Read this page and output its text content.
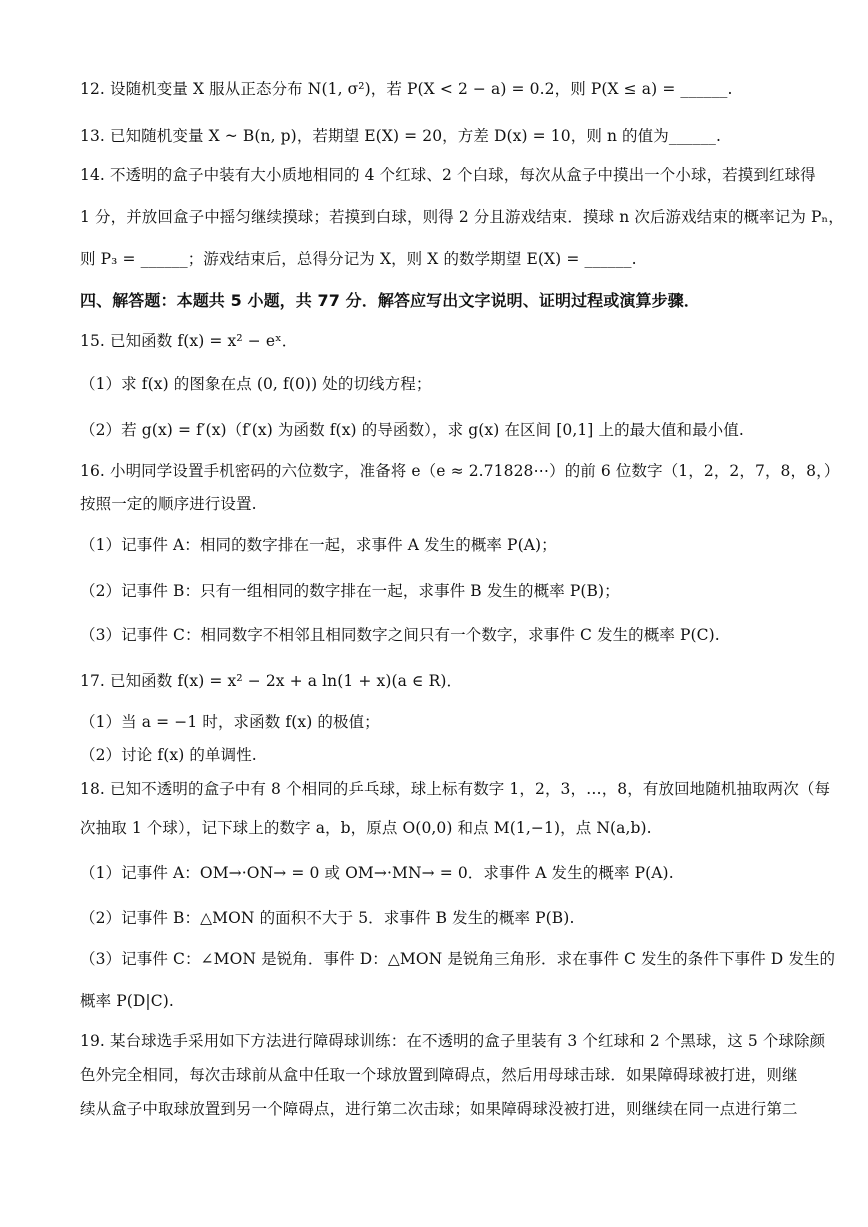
12. 设随机变量 X 服从正态分布 N(1, σ²)，若 P(X < 2 − a) = 0.2，则 P(X ≤ a) = ______.
13. 已知随机变量 X ~ B(n, p)，若期望 E(X) = 20，方差 D(x) = 10，则 n 的值为______.
14. 不透明的盒子中装有大小质地相同的 4 个红球、2 个白球，每次从盒子中摸出一个小球，若摸到红球得
1 分，并放回盒子中摇匀继续摸球；若摸到白球，则得 2 分且游戏结束．摸球 n 次后游戏结束的概率记为 Pₙ，
则 P₃ = ______；游戏结束后，总得分记为 X，则 X 的数学期望 E(X) = ______.
四、解答题：本题共 5 小题，共 77 分．解答应写出文字说明、证明过程或演算步骤．
15. 已知函数 f(x) = x² − eˣ．
（1）求 f(x) 的图象在点 (0, f(0)) 处的切线方程；
（2）若 g(x) = f′(x)（f′(x) 为函数 f(x) 的导函数），求 g(x) 在区间 [0,1] 上的最大值和最小值.
16. 小明同学设置手机密码的六位数字，准备将 e（e ≈ 2.71828⋯）的前 6 位数字（1，2，2，7，8，8，）
按照一定的顺序进行设置.
（1）记事件 A：相同的数字排在一起，求事件 A 发生的概率 P(A)；
（2）记事件 B：只有一组相同的数字排在一起，求事件 B 发生的概率 P(B)；
（3）记事件 C：相同数字不相邻且相同数字之间只有一个数字，求事件 C 发生的概率 P(C).
17. 已知函数 f(x) = x² − 2x + a ln(1 + x)(a ∈ R)．
（1）当 a = −1 时，求函数 f(x) 的极值；
（2）讨论 f(x) 的单调性.
18. 已知不透明的盒子中有 8 个相同的乒乓球，球上标有数字 1，2，3，…，8，有放回地随机抽取两次（每
次抽取 1 个球），记下球上的数字 a，b，原点 O(0,0) 和点 M(1,−1)，点 N(a,b).
（1）记事件 A：OM→·ON→ = 0 或 OM→·MN→ = 0．求事件 A 发生的概率 P(A).
（2）记事件 B：△MON 的面积不大于 5．求事件 B 发生的概率 P(B).
（3）记事件 C：∠MON 是锐角．事件 D：△MON 是锐角三角形．求在事件 C 发生的条件下事件 D 发生的
概率 P(D|C).
19. 某台球选手采用如下方法进行障碍球训练：在不透明的盒子里装有 3 个红球和 2 个黑球，这 5 个球除颜
色外完全相同，每次击球前从盒中任取一个球放置到障碍点，然后用母球击球．如果障碍球被打进，则继
续从盒子中取球放置到另一个障碍点，进行第二次击球；如果障碍球没被打进，则继续在同一点进行第二
